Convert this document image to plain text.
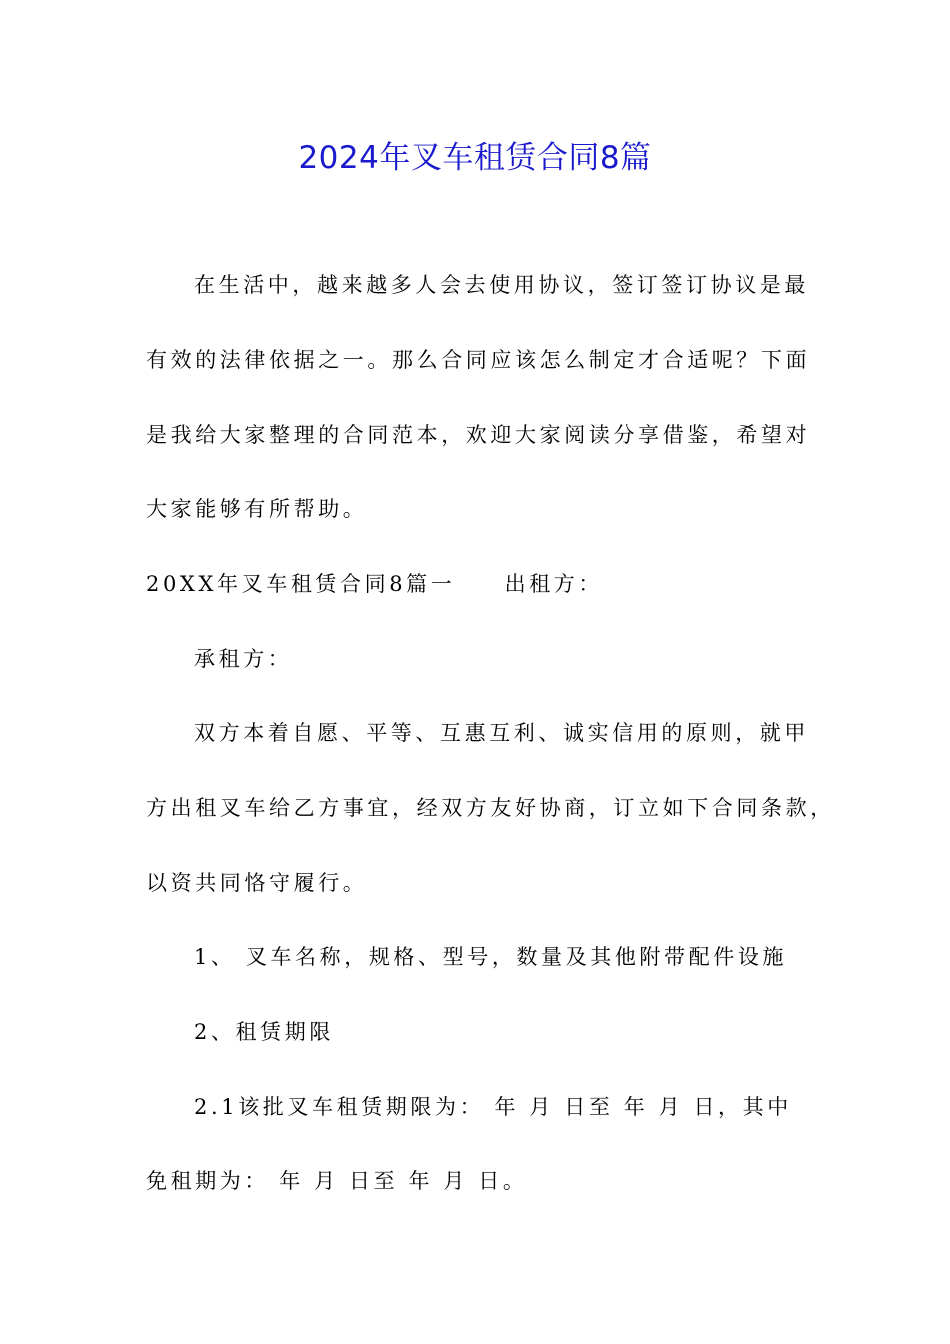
2024年叉车租赁合同8篇
在生活中，越来越多人会去使用协议，签订签订协议是最
有效的法律依据之一。那么合同应该怎么制定才合适呢？下面
是我给大家整理的合同范本，欢迎大家阅读分享借鉴，希望对
大家能够有所帮助。
20XX年叉车租赁合同8篇一　　出租方：
承租方：
双方本着自愿、平等、互惠互利、诚实信用的原则，就甲
方出租叉车给乙方事宜，经双方友好协商，订立如下合同条款，
以资共同恪守履行。
1、 叉车名称，规格、型号，数量及其他附带配件设施
2、租赁期限
2.1该批叉车租赁期限为： 年 月 日至 年 月 日，其中
免租期为： 年 月 日至 年 月 日。
